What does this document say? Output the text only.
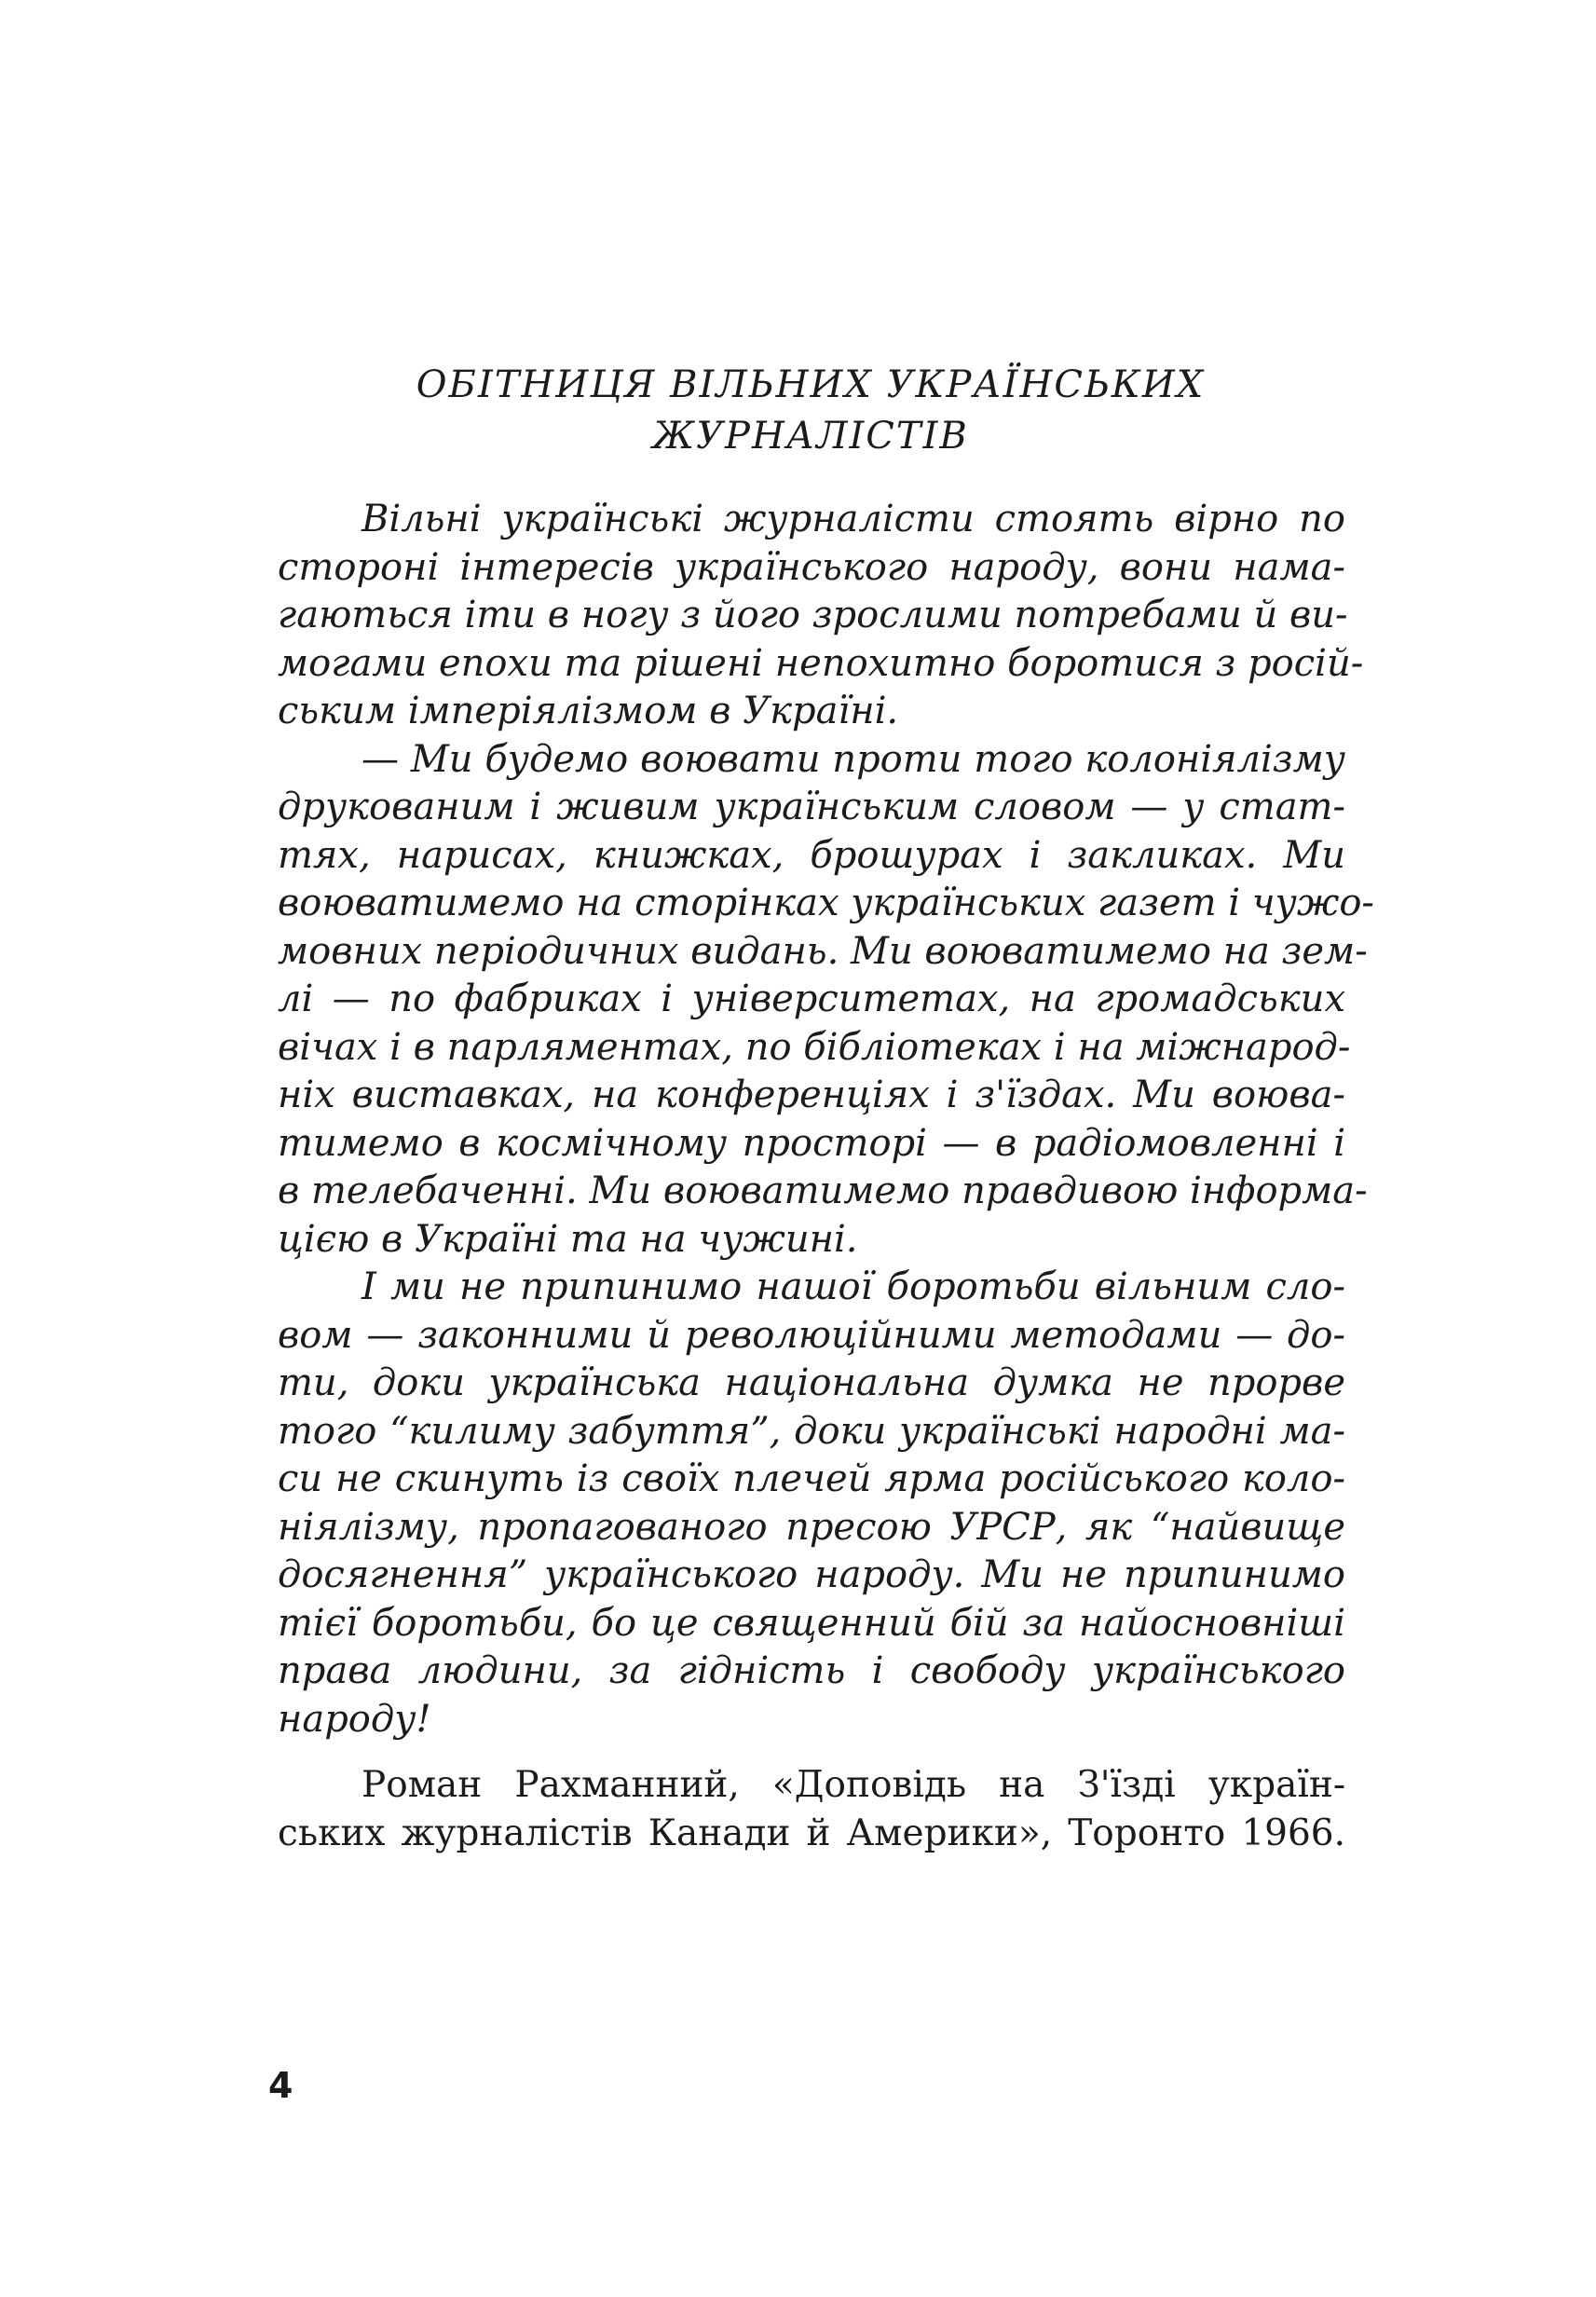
ОБІТНИЦЯ ВІЛЬНИХ УКРАЇНСЬКИХ
ЖУРНАЛІСТІВ
Вільні українські журналісти стоять вірно по
стороні інтересів українського народу, вони нама-
гаються іти в ногу з його зрослими потребами й ви-
могами епохи та рішені непохитно боротися з росій-
ським імперіялізмом в Україні.
— Ми будемо воювати проти того колоніялізму
друкованим і живим українським словом — у стат-
тях, нарисах, книжках, брошурах і закликах. Ми
воюватимемо на сторінках українських газет і чужо-
мовних періодичних видань. Ми воюватимемо на зем-
лі — по фабриках і університетах, на громадських
вічах і в парляментах, по бібліотеках і на міжнарод-
ніх виставках, на конференціях і з'їздах. Ми воюва-
тимемо в космічному просторі — в радіомовленні і
в телебаченні. Ми воюватимемо правдивою інформа-
цією в Україні та на чужині.
І ми не припинимо нашої боротьби вільним сло-
вом — законними й революційними методами — до-
ти, доки українська національна думка не прорве
того “килиму забуття”, доки українські народні ма-
си не скинуть із своїх плечей ярма російського коло-
ніялізму, пропагованого пресою УРСР, як “найвище
досягнення” українського народу. Ми не припинимо
тієї боротьби, бо це священний бій за найосновніші
права людини, за гідність і свободу українського
народу!
Роман Рахманний, «Доповідь на З'їзді україн-
ських журналістів Канади й Америки», Торонто 1966.
4
